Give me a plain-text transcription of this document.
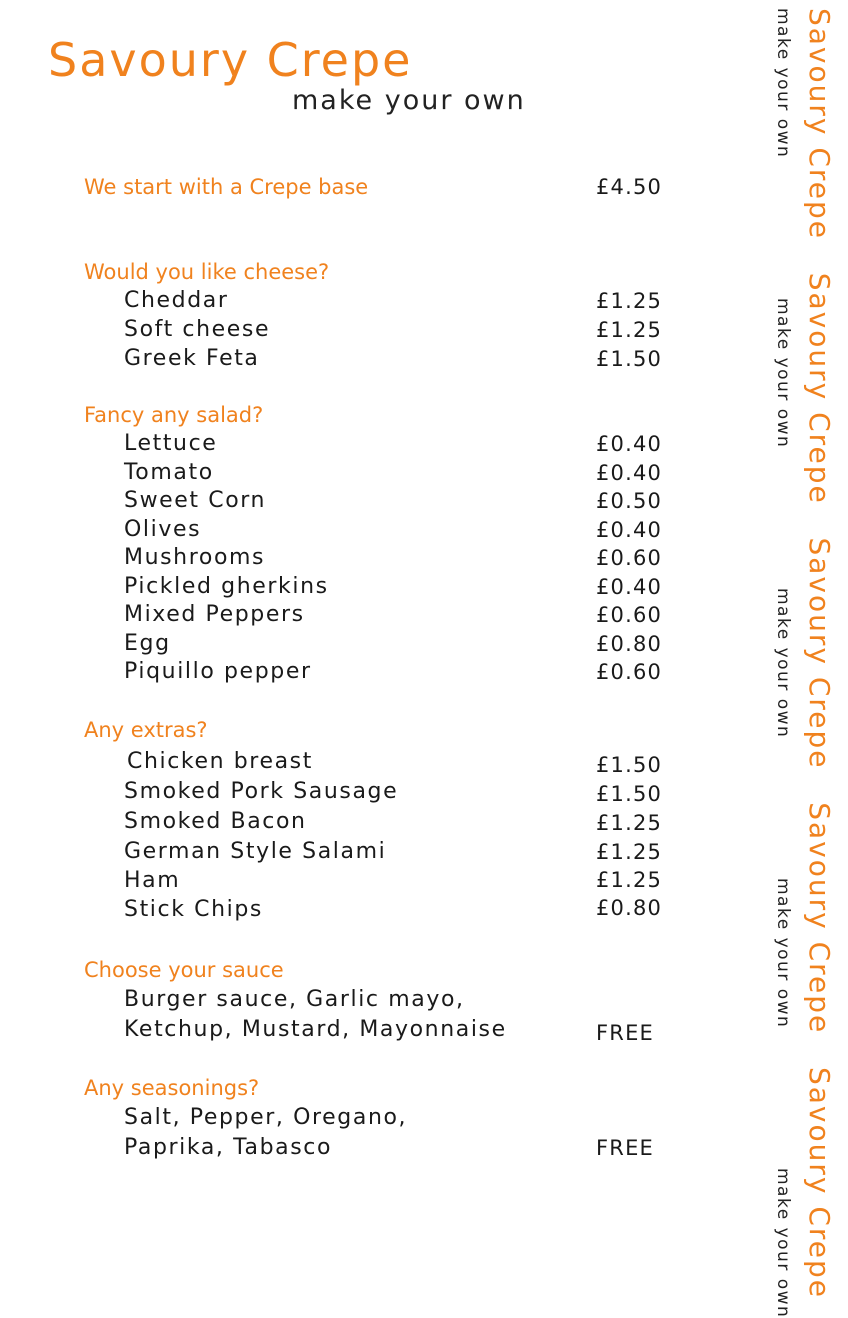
Savoury Crepe
make your own
We start with a Crepe base	£4.50
Would you like cheese?
Cheddar	£1.25
Soft cheese	£1.25
Greek Feta	£1.50
Fancy any salad?
Lettuce	£0.40
Tomato	£0.40
Sweet Corn	£0.50
Olives	£0.40
Mushrooms	£0.60
Pickled gherkins	£0.40
Mixed Peppers	£0.60
Egg	£0.80
Piquillo pepper	£0.60
Any extras?
Chicken breast	£1.50
Smoked Pork Sausage	£1.50
Smoked Bacon	£1.25
German Style Salami	£1.25
Ham	£1.25
Stick Chips	£0.80
Choose your sauce
Burger sauce, Garlic mayo,
Ketchup, Mustard, Mayonnaise	FREE
Any seasonings?
Salt, Pepper, Oregano,
Paprika, Tabasco	FREE
Savoury Crepe   Savoury Crepe   Savoury Crepe   Savoury Crepe   Savoury Crepe
make your ownmake your ownmake your ownmake your ownmake your own
